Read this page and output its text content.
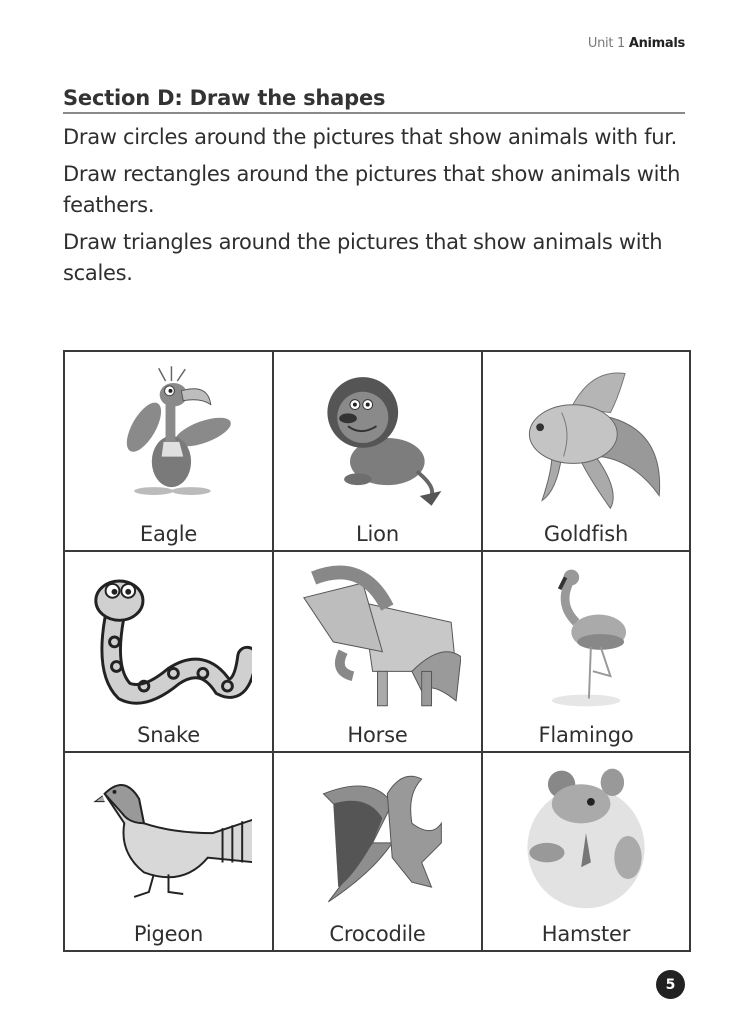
Unit 1 Animals
Section D: Draw the shapes

Draw circles around the pictures that show animals with fur.

Draw rectangles around the pictures that show animals with feathers.

Draw triangles around the pictures that show animals with scales.

Eagle	Lion	Goldfish
Snake	Horse	Flamingo
Pigeon	Crocodile	Hamster
5
